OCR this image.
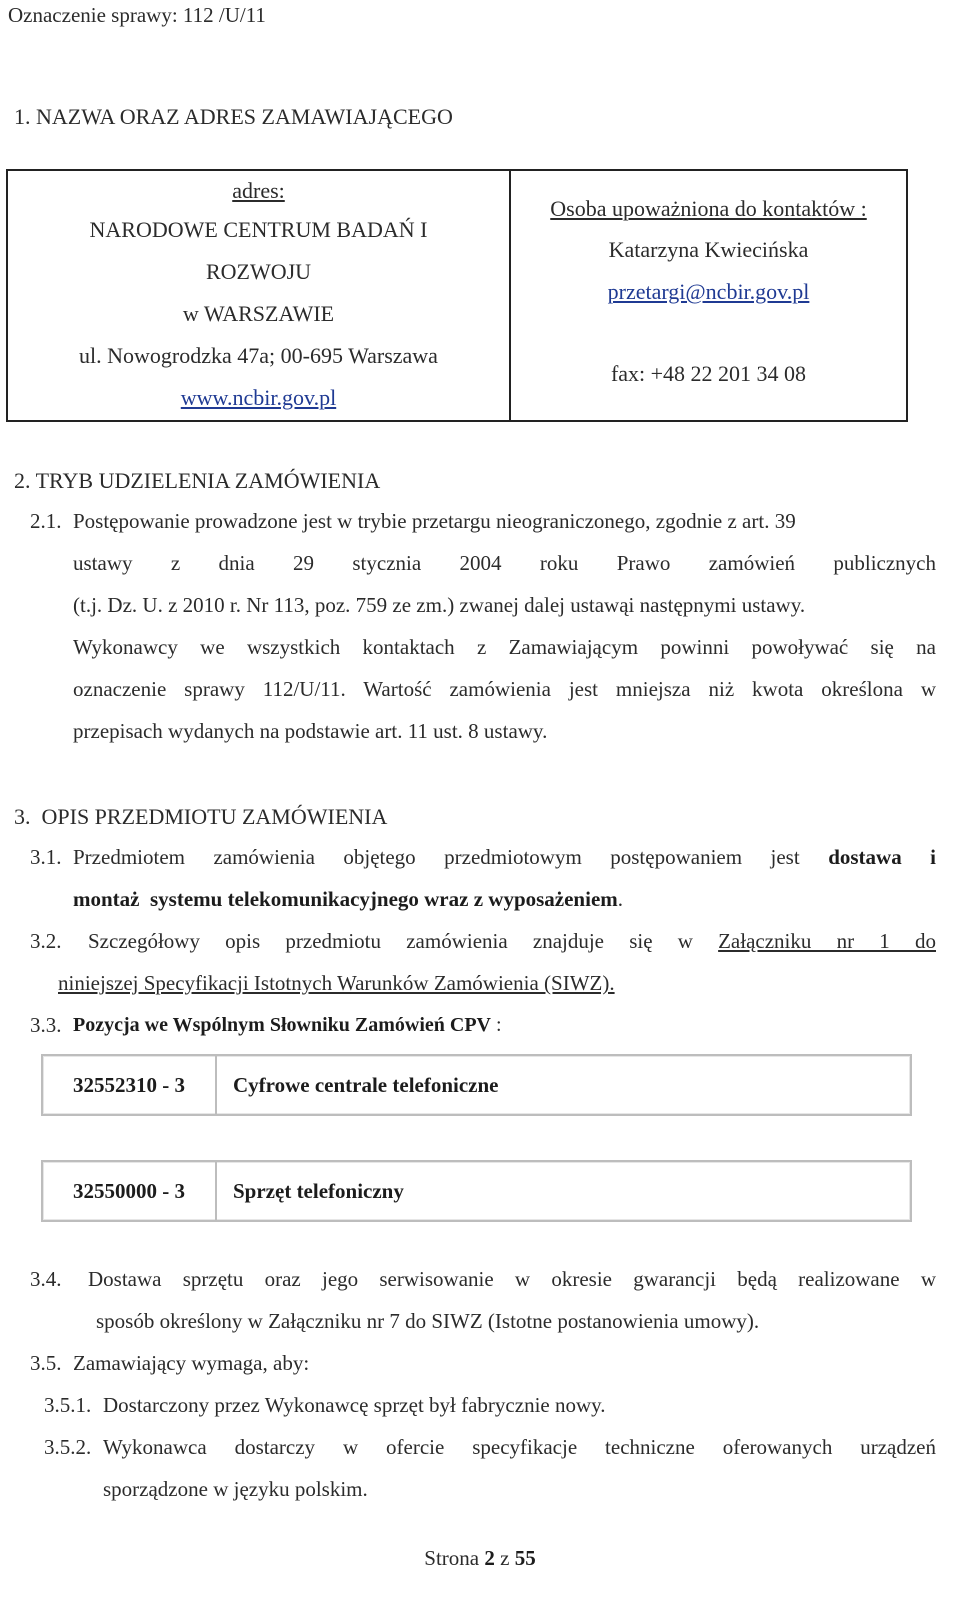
Oznaczenie sprawy: 112 /U/11
1. NAZWA ORAZ ADRES ZAMAWIAJĄCEGO
adres:
NARODOWE CENTRUM BADAŃ I
ROZWOJU
w WARSZAWIE
ul. Nowogrodzka 47a; 00-695 Warszawa
www.ncbir.gov.pl
Osoba upoważniona do kontaktów :
Katarzyna Kwiecińska
przetargi@ncbir.gov.pl
fax: +48 22 201 34 08
2. TRYB UDZIELENIA ZAMÓWIENIA
2.1. Postępowanie prowadzone jest w trybie przetargu nieograniczonego, zgodnie z art. 39
ustawy z dnia 29 stycznia 2004 roku Prawo zamówień publicznych
(t.j. Dz. U. z 2010 r. Nr 113, poz. 759 ze zm.) zwanej dalej ustawąi następnymi ustawy.
Wykonawcy we wszystkich kontaktach z Zamawiającym powinni powoływać się na
oznaczenie sprawy 112/U/11. Wartość zamówienia jest mniejsza niż kwota określona w
przepisach wydanych na podstawie art. 11 ust. 8 ustawy.
3.  OPIS PRZEDMIOTU ZAMÓWIENIA
3.1. Przedmiotem zamówienia objętego przedmiotowym postępowaniem jest dostawa i
montaż  systemu telekomunikacyjnego wraz z wyposażeniem.
3.2. Szczegółowy opis przedmiotu zamówienia znajduje się w Załączniku nr 1 do
niniejszej Specyfikacji Istotnych Warunków Zamówienia (SIWZ).
3.3. Pozycja we Wspólnym Słowniku Zamówień CPV :
32552310 - 3	Cyfrowe centrale telefoniczne
32550000 - 3	Sprzęt telefoniczny
3.4. Dostawa sprzętu oraz jego serwisowanie w okresie gwarancji będą realizowane w
sposób określony w Załączniku nr 7 do SIWZ (Istotne postanowienia umowy).
3.5. Zamawiający wymaga, aby:
3.5.1. Dostarczony przez Wykonawcę sprzęt był fabrycznie nowy.
3.5.2. Wykonawca dostarczy w ofercie specyfikacje techniczne oferowanych urządzeń
sporządzone w języku polskim.
Strona 2 z 55
